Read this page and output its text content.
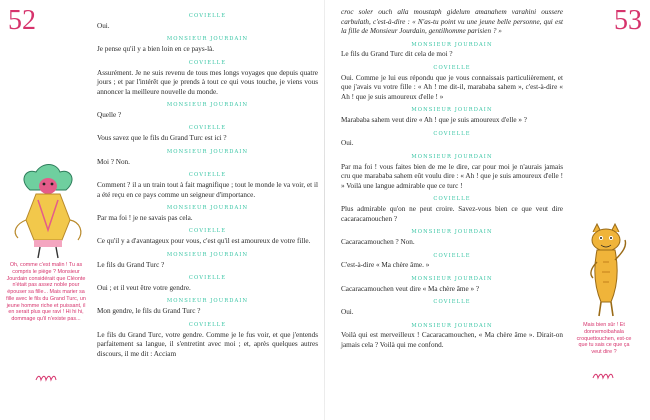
52
Oh, comme c'est malin ! Tu as compris le piège ? Monsieur Jourdain considérait que Cléonte n'était pas assez noble pour épouser sa fille... Mais marier sa fille avec le fils du Grand Turc, un jeune homme riche et puissant, il en serait plus que ravi ! Hi hi hi, dommage qu'il n'existe pas...
COVIELLE

Oui.

MONSIEUR JOURDAIN

Je pense qu'il y a bien loin en ce pays-là.

COVIELLE

Assurément. Je ne suis revenu de tous mes longs voyages que depuis quatre jours ; et par l'intérêt que je prends à tout ce qui vous touche, je viens vous annoncer la meilleure nouvelle du monde.

MONSIEUR JOURDAIN

Quelle ?

COVIELLE

Vous savez que le fils du Grand Turc est ici ?

MONSIEUR JOURDAIN

Moi ? Non.

COVIELLE

Comment ? il a un train tout à fait magnifique ; tout le monde le va voir, et il a été reçu en ce pays comme un seigneur d'importance.

MONSIEUR JOURDAIN

Par ma foi ! je ne savais pas cela.

COVIELLE

Ce qu'il y a d'avantageux pour vous, c'est qu'il est amoureux de votre fille.

MONSIEUR JOURDAIN

Le fils du Grand Turc ?

COVIELLE

Oui ; et il veut être votre gendre.

MONSIEUR JOURDAIN

Mon gendre, le fils du Grand Turc ?

COVIELLE

Le fils du Grand Turc, votre gendre. Comme je le fus voir, et que j'entends parfaitement sa langue, il s'entretint avec moi ; et, après quelques autres discours, il me dit : Acciam

53

croc soler ouch alla moustaph gidelum amanahem varahini oussere carbulath, c'est-à-dire : « N'as-tu point vu une jeune belle personne, qui est la fille de Monsieur Jourdain, gentilhomme parisien ? »

MONSIEUR JOURDAIN

Le fils du Grand Turc dit cela de moi ?

COVIELLE

Oui. Comme je lui eus répondu que je vous connaissais particulièrement, et que j'avais vu votre fille : « Ah ! me dit-il, marababa sahem », c'est-à-dire « Ah ! que je suis amoureux d'elle ! »

MONSIEUR JOURDAIN

Marababa sahem veut dire « Ah ! que je suis amoureux d'elle » ?

COVIELLE

Oui.

MONSIEUR JOURDAIN

Par ma foi ! vous faites bien de me le dire, car pour moi je n'aurais jamais cru que marababa sahem eût voulu dire : « Ah ! que je suis amoureux d'elle ! » Voilà une langue admirable que ce turc !

COVIELLE

Plus admirable qu'on ne peut croire. Savez-vous bien ce que veut dire cacaracamouchen ?

MONSIEUR JOURDAIN

Cacaracamouchen ? Non.

COVIELLE

C'est-à-dire « Ma chère âme. »

MONSIEUR JOURDAIN

Cacaracamouchen veut dire « Ma chère âme » ?

COVIELLE

Oui.

MONSIEUR JOURDAIN

Voilà qui est merveilleux ! Cacaracamouchen, « Ma chère âme ». Dirait-on jamais cela ? Voilà qui me confond.

Mais bien sûr ! Et donnemoibahala croquettouchen, est-ce que tu sais ce que ça veut dire ?
